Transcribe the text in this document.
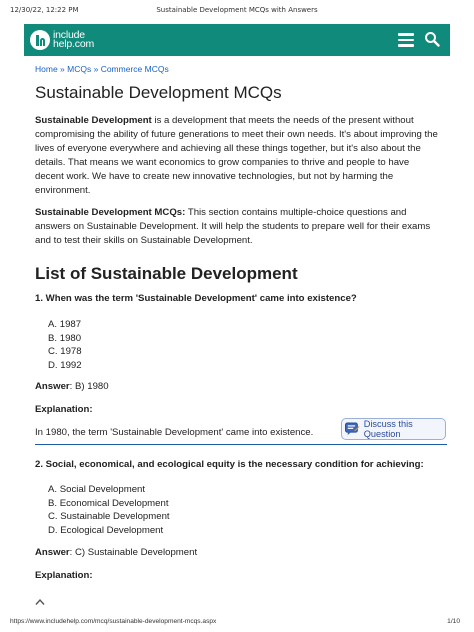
12/30/22, 12:22 PM	Sustainable Development MCQs with Answers
include
help.com
Home » MCQs » Commerce MCQs
Sustainable Development MCQs

Sustainable Development is a development that meets the needs of the present without compromising the ability of future generations to meet their own needs. It's about improving the lives of everyone everywhere and achieving all these things together, but it's also about the details. That means we want economics to grow companies to thrive and people to have decent work. We have to create new innovative technologies, but not by harming the environment.

Sustainable Development MCQs: This section contains multiple-choice questions and answers on Sustainable Development. It will help the students to prepare well for their exams and to test their skills on Sustainable Development.

List of Sustainable Development

1. When was the term 'Sustainable Development' came into existence?

A. 1987
B. 1980
C. 1978
D. 1992

Answer: B) 1980

Explanation:

In 1980, the term 'Sustainable Development' came into existence.

Discuss this Question

2. Social, economical, and ecological equity is the necessary condition for achieving:

A. Social Development
B. Economical Development
C. Sustainable Development
D. Ecological Development

Answer: C) Sustainable Development

Explanation:

https://www.includehelp.com/mcq/sustainable-development-mcqs.aspx	1/10
